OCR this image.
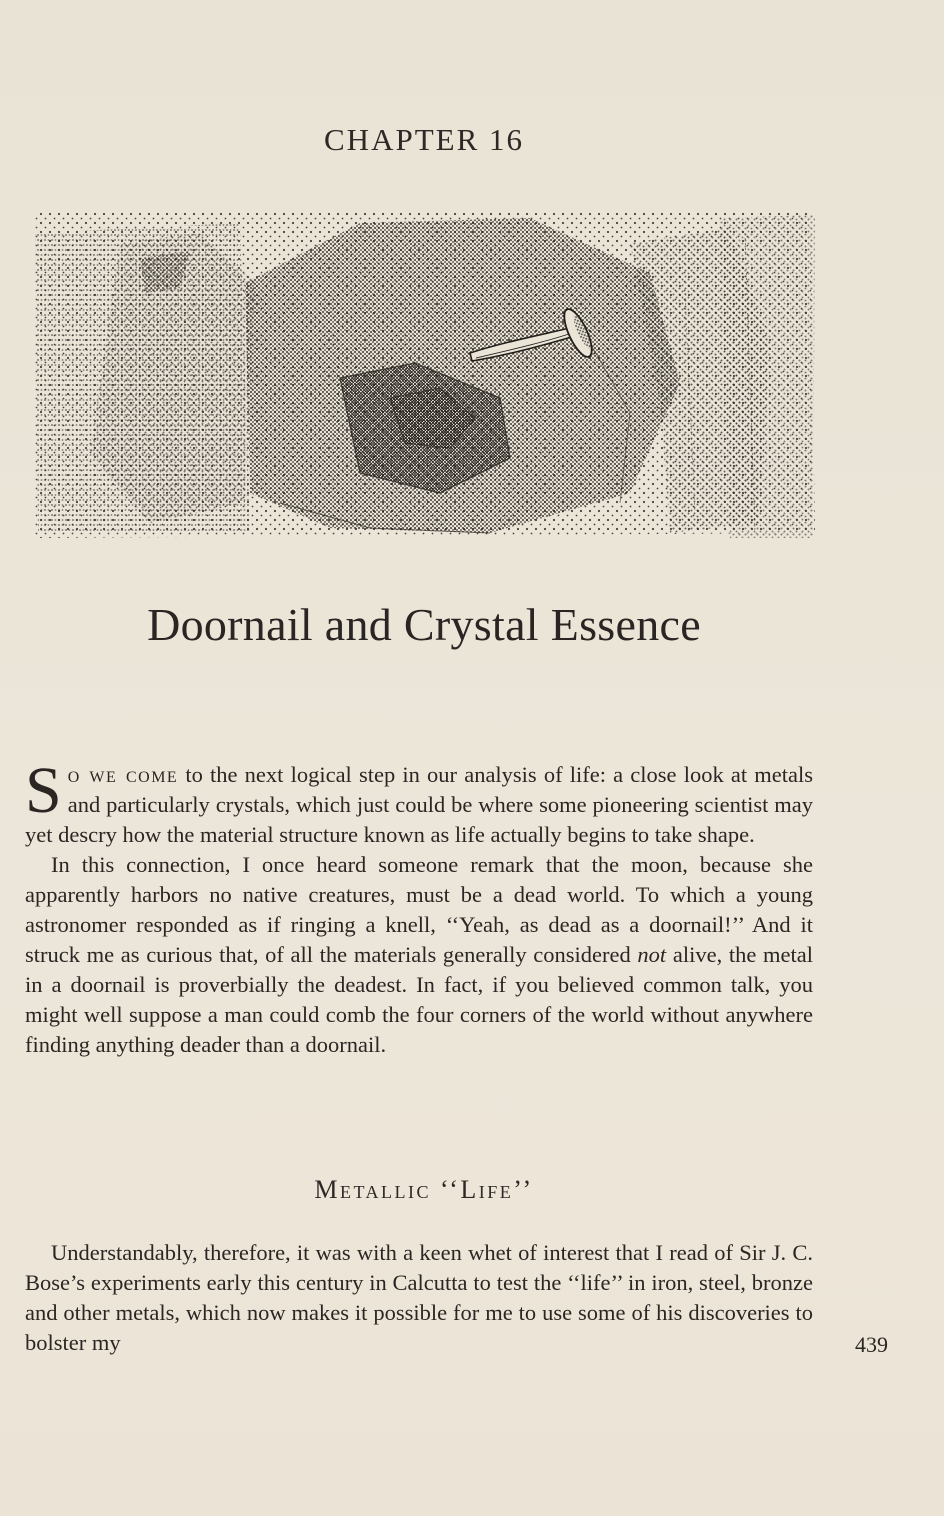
CHAPTER 16
Doornail and Crystal Essence

So we come to the next logical step in our analysis of life: a close look at metals and particularly crystals, which just could be where some pioneering scientist may yet descry how the material structure known as life actually begins to take shape.

In this connection, I once heard someone remark that the moon, because she apparently harbors no native creatures, must be a dead world. To which a young astronomer responded as if ringing a knell, ‘‘Yeah, as dead as a doornail!’’ And it struck me as curious that, of all the materials generally considered not alive, the metal in a doornail is proverbially the deadest. In fact, if you believed common talk, you might well suppose a man could comb the four corners of the world without anywhere finding anything deader than a doornail.

Metallic ‘‘Life’’

Understandably, therefore, it was with a keen whet of interest that I read of Sir J. C. Bose’s experiments early this century in Calcutta to test the ‘‘life’’ in iron, steel, bronze and other metals, which now makes it possible for me to use some of his discoveries to bolster my	439
